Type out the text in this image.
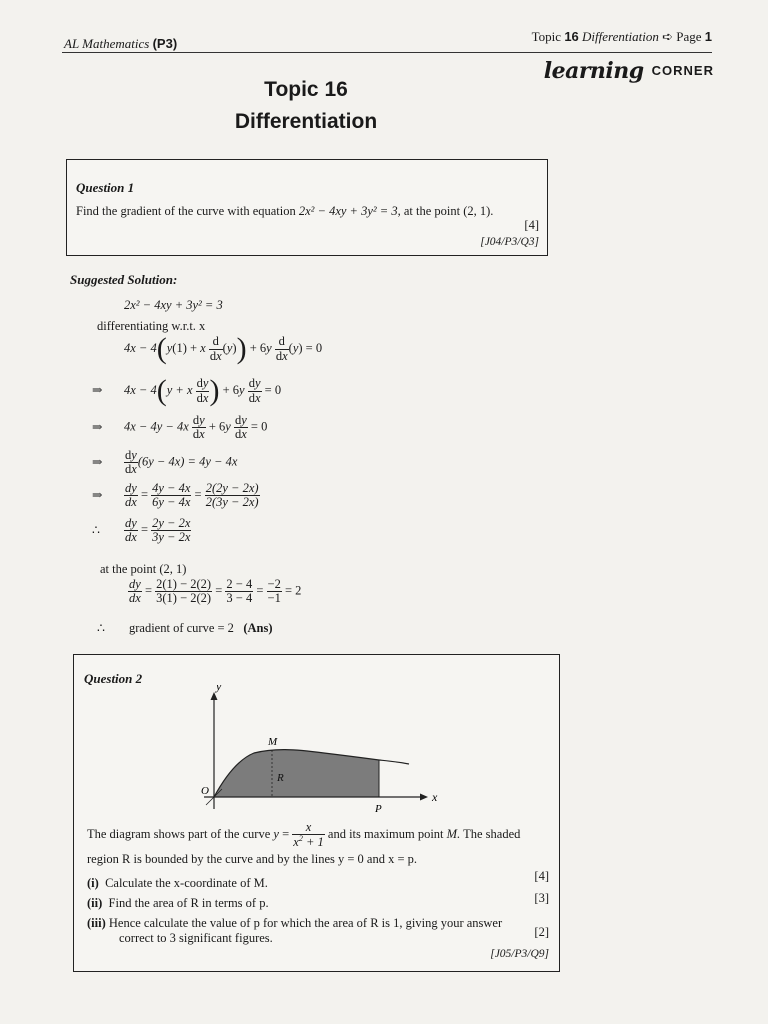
AL Mathematics (P3)	Topic 16 Differentiation ➪ Page 1
learning CORNER
Topic 16
Differentiation
Question 1
Find the gradient of the curve with equation 2x² − 4xy + 3y² = 3, at the point (2, 1).
[4]
[J04/P3/Q3]
Suggested Solution:
2x² − 4xy + 3y² = 3
differentiating w.r.t. x
4x − 4(y(1) + x $\frac{d}{dx} (y)) + 6y \frac{d}{dx} (y) = 0$
⇒ 4x − 4(y + x $\frac{dy}{dx}$ ) + $6y \frac{dy}{dx} = 0$
⇒ $4x - 4y - 4x \frac{dy}{dx} + 6y \frac{dy}{dx} = 0$
⇒ $\frac{dy}{dx} (6y - 4x) = 4y - 4x$
⇒ $\frac{dy}{dx} = \frac{4y - 4x}{6y - 4x} = \frac{2(2y - 2x)}{2(3y - 2x)}$
∴ $\frac{dy}{dx} = \frac{2y - 2x}{3y - 2x}$
at the point (2, 1)
$\frac{dy}{dx} = \frac{2(1) - 2(2)}{3(1) - 2(2)} = \frac{2 - 4}{3 - 4} = \frac{-2}{-1} = 2$
∴ gradient of curve = 2 (Ans)
Question 2	y
x
O
M
R
P
The diagram shows part of the curve $y = \frac{x}{x^2 + 1}$ and its maximum point M. The shaded
region R is bounded by the curve and by the lines y = 0 and x = p.
(i) Calculate the x-coordinate of M.	[4]
(ii) Find the area of R in terms of p.	[3]
(iii) Hence calculate the value of p for which the area of R is 1, giving your answer
correct to 3 significant figures.	[2]
[J05/P3/Q9]
